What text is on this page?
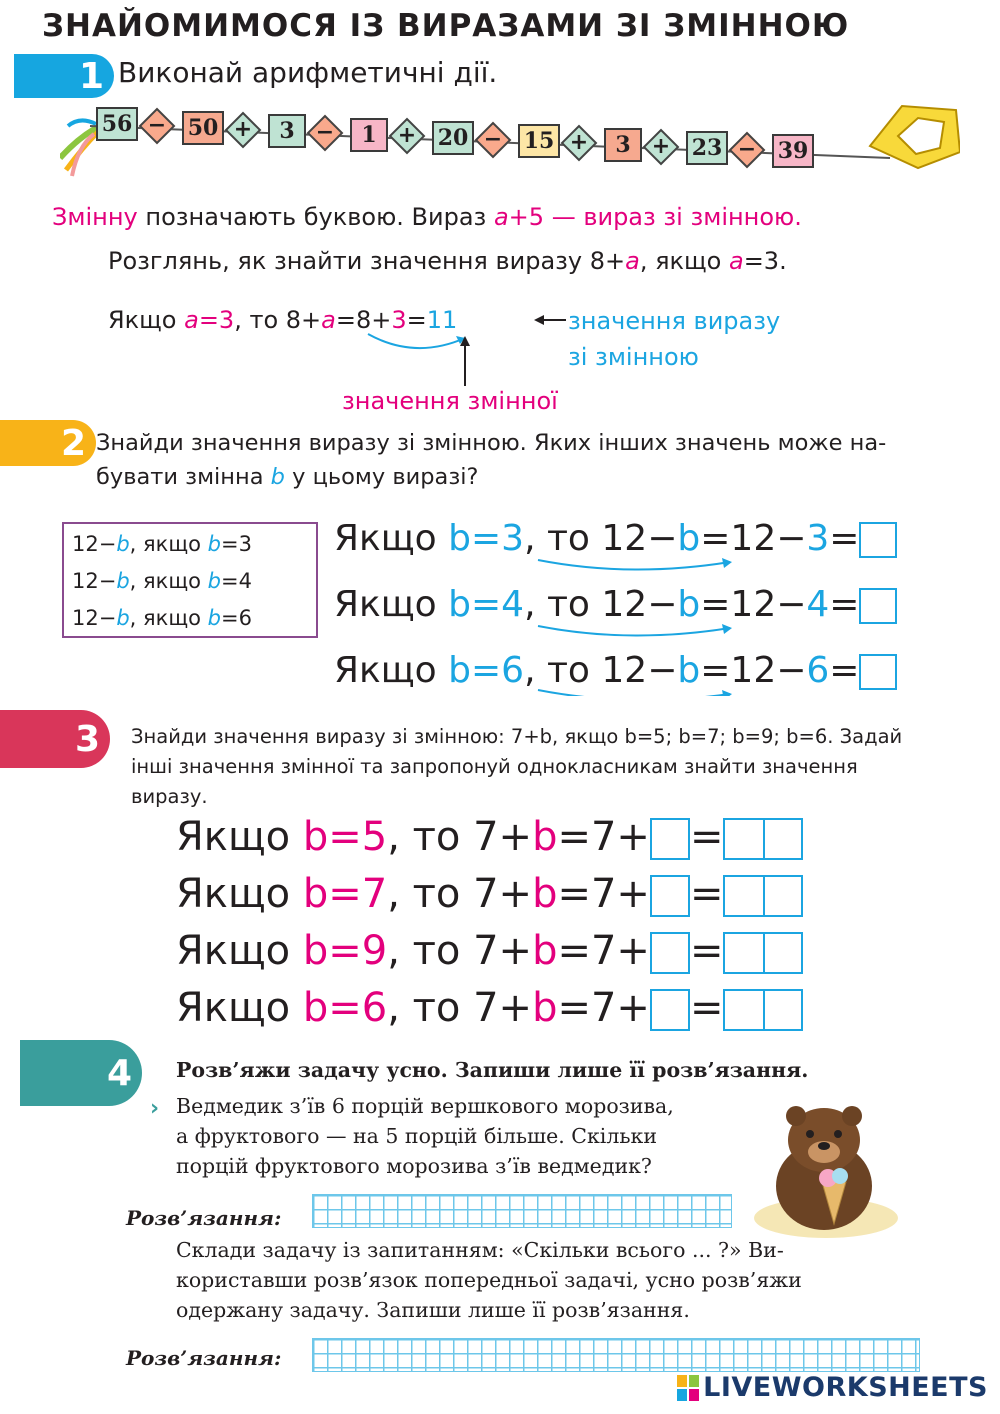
ЗНАЙОМИМОСЯ ІЗ ВИРАЗАМИ ЗІ ЗМІННОЮ
1 Виконай арифметичні дії.
56 − 50 +	3 −	1 + 20 − 15 +	3 + 23 − 39
Змінну позначають буквою. Вираз a+5 — вираз зі змінною.
Розглянь, як знайти значення виразу 8+a, якщо a=3.
Якщо a=3, то 8+a=8+3=11	значення виразу
зі змінною
значення змінної
2 Знайди значення виразу зі змінною. Яких інших значень може на-
бувати змінна b у цьому виразі?
12−b, якщо b=3
12−b, якщо b=4
12−b, якщо b=6
Якщо b=3, то 12−b=12−3=
Якщо b=4, то 12−b=12−4=
Якщо b=6, то 12−b=12−6=
3 Знайди значення виразу зі змінною: 7+b, якщо b=5; b=7; b=9; b=6. Задай інші значення змінної та запропонуй однокласникам знайти значення виразу.
Якщо b=5, то 7+b=7+ =
Якщо b=7, то 7+b=7+ =
Якщо b=9, то 7+b=7+ =
Якщо b=6, то 7+b=7+ =
4 Розв’яжи задачу усно. Запиши лише її розв’язання.
› Ведмедик з’їв 6 порцій вершкового морозива,
а фруктового — на 5 порцій більше. Скільки
порцій фруктового морозива з’їв ведмедик?
Розв’язання:
Склади задачу із запитанням: «Скільки всього ... ?» Ви-
користавши розв’язок попередньої задачі, усно розв’яжи
одержану задачу. Запиши лише її розв’язання.
Розв’язання:
LIVEWORKSHEETS
